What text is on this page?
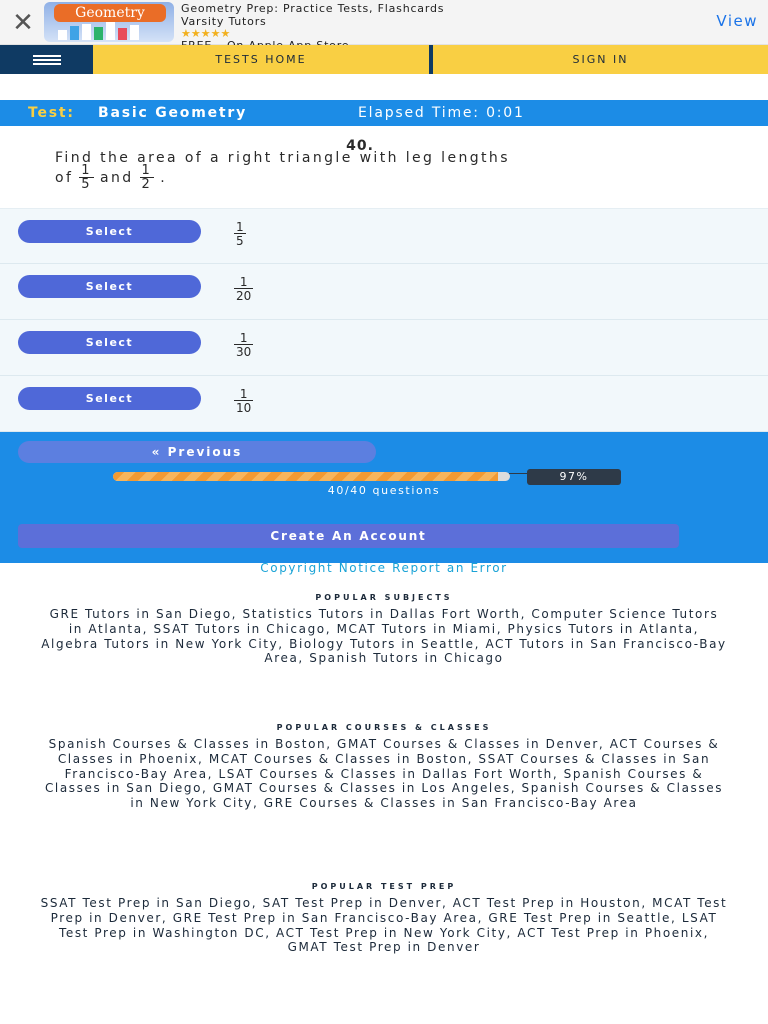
✕	Geometry	Geometry Prep: Practice Tests, Flashcards
Varsity Tutors
★★★★★
View
TESTS HOME	SIGN IN
Test: Basic Geometry	Elapsed Time: 0:01
40.
Find the area of a right triangle with leg lengths
of $\frac{1}{5}$ and $\frac{1}{2}$ .
Select	$\frac{1}{5}$
Select	$\frac{1}{20}$
Select	$\frac{1}{30}$
Select	$\frac{1}{10}$
« Previous
97%
40/40 questions
Create An Account
Copyright Notice Report an Error
POPULAR SUBJECTS

GRE Tutors in San Diego, Statistics Tutors in Dallas Fort Worth, Computer Science Tutors in Atlanta, SSAT Tutors in Chicago, MCAT Tutors in Miami, Physics Tutors in Atlanta, Algebra Tutors in New York City, Biology Tutors in Seattle, ACT Tutors in San Francisco-Bay Area, Spanish Tutors in Chicago

POPULAR COURSES & CLASSES

Spanish Courses & Classes in Boston, GMAT Courses & Classes in Denver, ACT Courses & Classes in Phoenix, MCAT Courses & Classes in Boston, SSAT Courses & Classes in San Francisco-Bay Area, LSAT Courses & Classes in Dallas Fort Worth, Spanish Courses & Classes in San Diego, GMAT Courses & Classes in Los Angeles, Spanish Courses & Classes in New York City, GRE Courses & Classes in San Francisco-Bay Area

POPULAR TEST PREP

SSAT Test Prep in San Diego, SAT Test Prep in Denver, ACT Test Prep in Houston, MCAT Test Prep in Denver, GRE Test Prep in San Francisco-Bay Area, GRE Test Prep in Seattle, LSAT Test Prep in Washington DC, ACT Test Prep in New York City, ACT Test Prep in Phoenix, GMAT Test Prep in Denver
